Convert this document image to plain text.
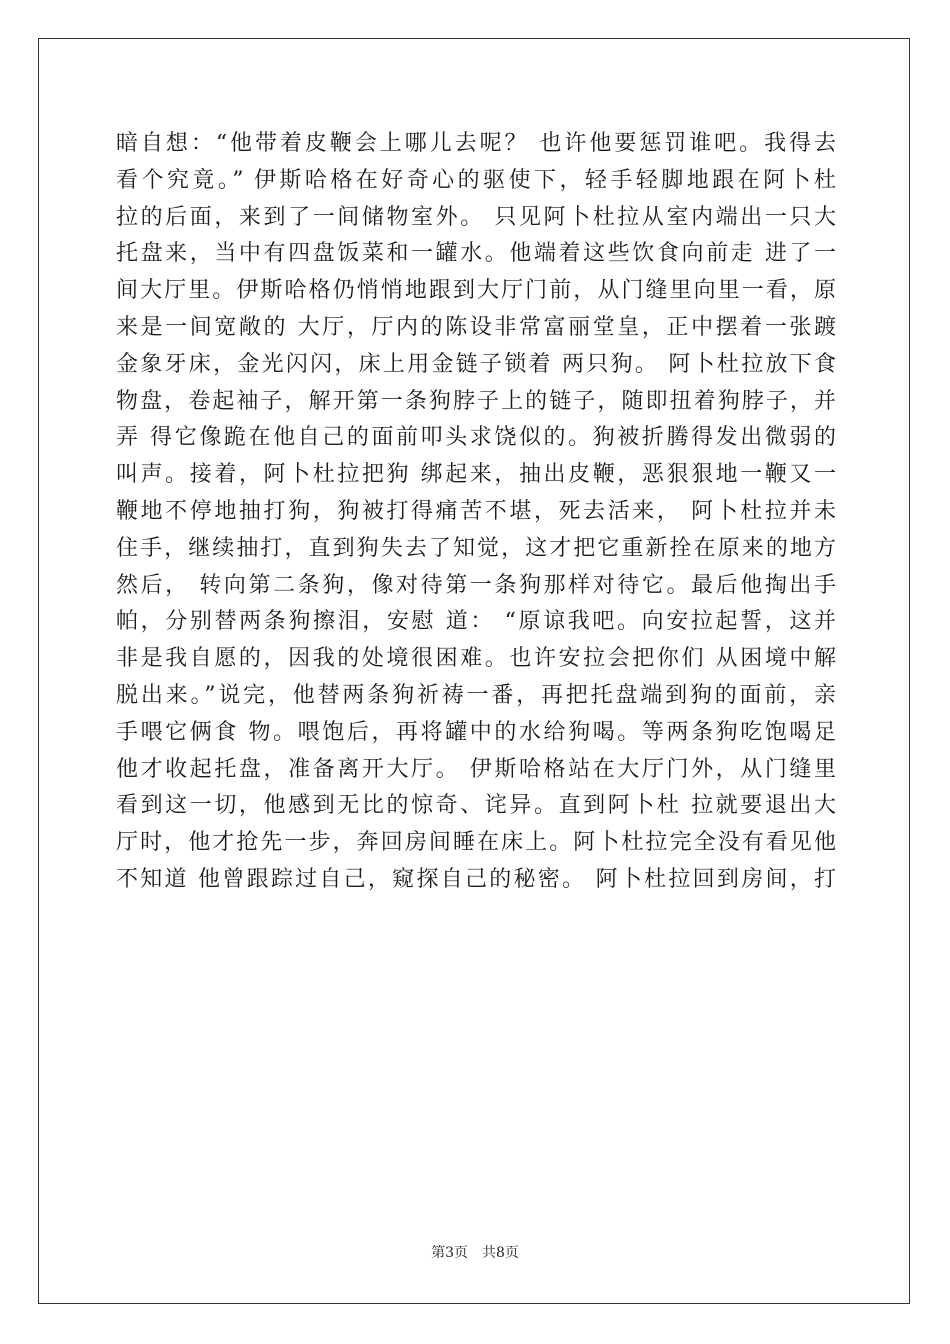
暗自想：“他带着皮鞭会上哪儿去呢？ 也许他要惩罚谁吧。我得去
看个究竟。” 伊斯哈格在好奇心的驱使下，轻手轻脚地跟在阿卜杜
拉的后面，来到了一间储物室外。 只见阿卜杜拉从室内端出一只大
托盘来，当中有四盘饭菜和一罐水。他端着这些饮食向前走 进了一
间大厅里。伊斯哈格仍悄悄地跟到大厅门前，从门缝里向里一看，原
来是一间宽敞的 大厅，厅内的陈设非常富丽堂皇，正中摆着一张踱
金象牙床，金光闪闪，床上用金链子锁着 两只狗。 阿卜杜拉放下食
物盘，卷起袖子，解开第一条狗脖子上的链子，随即扭着狗脖子，并
弄 得它像跪在他自己的面前叩头求饶似的。狗被折腾得发出微弱的
叫声。接着，阿卜杜拉把狗 绑起来，抽出皮鞭，恶狠狠地一鞭又一
鞭地不停地抽打狗，狗被打得痛苦不堪，死去活来， 阿卜杜拉并未
住手，继续抽打，直到狗失去了知觉，这才把它重新拴在原来的地方
然后， 转向第二条狗，像对待第一条狗那样对待它。最后他掏出手
帕，分别替两条狗擦泪，安慰 道： “原谅我吧。向安拉起誓，这并
非是我自愿的，因我的处境很困难。也许安拉会把你们 从困境中解
脱出来。”说完，他替两条狗祈祷一番，再把托盘端到狗的面前，亲
手喂它俩食 物。喂饱后，再将罐中的水给狗喝。等两条狗吃饱喝足
他才收起托盘，准备离开大厅。 伊斯哈格站在大厅门外，从门缝里
看到这一切，他感到无比的惊奇、诧异。直到阿卜杜 拉就要退出大
厅时，他才抢先一步，奔回房间睡在床上。阿卜杜拉完全没有看见他
不知道 他曾跟踪过自己，窥探自己的秘密。 阿卜杜拉回到房间，打
第3页　共8页
